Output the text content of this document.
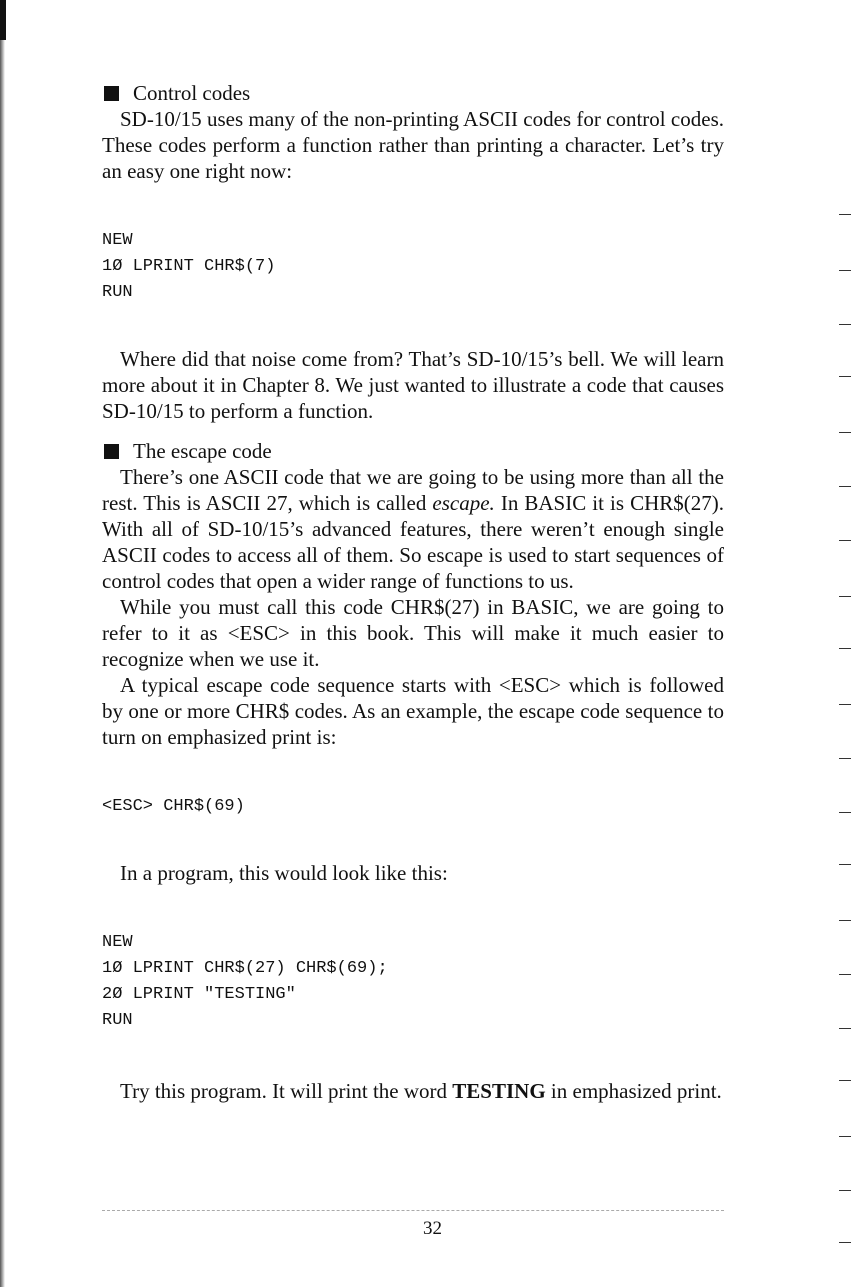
Control codes

SD-10/15 uses many of the non-printing ASCII codes for control codes. These codes perform a function rather than printing a character. Let’s try an easy one right now:

NEW
1Ø LPRINT CHR$(7)
RUN

Where did that noise come from? That’s SD-10/15’s bell. We will learn more about it in Chapter 8. We just wanted to illustrate a code that causes SD-10/15 to perform a function.

The escape code

There’s one ASCII code that we are going to be using more than all the rest. This is ASCII 27, which is called escape. In BASIC it is CHR$(27). With all of SD-10/15’s advanced features, there weren’t enough single ASCII codes to access all of them. So escape is used to start sequences of control codes that open a wider range of functions to us.

While you must call this code CHR$(27) in BASIC, we are going to refer to it as <ESC> in this book. This will make it much easier to recognize when we use it.

A typical escape code sequence starts with <ESC> which is followed by one or more CHR$ codes. As an example, the escape code sequence to turn on emphasized print is:

<ESC> CHR$(69)

In a program, this would look like this:

NEW
1Ø LPRINT CHR$(27) CHR$(69);
2Ø LPRINT "TESTING"
RUN

Try this program. It will print the word TESTING in emphasized print.

32
